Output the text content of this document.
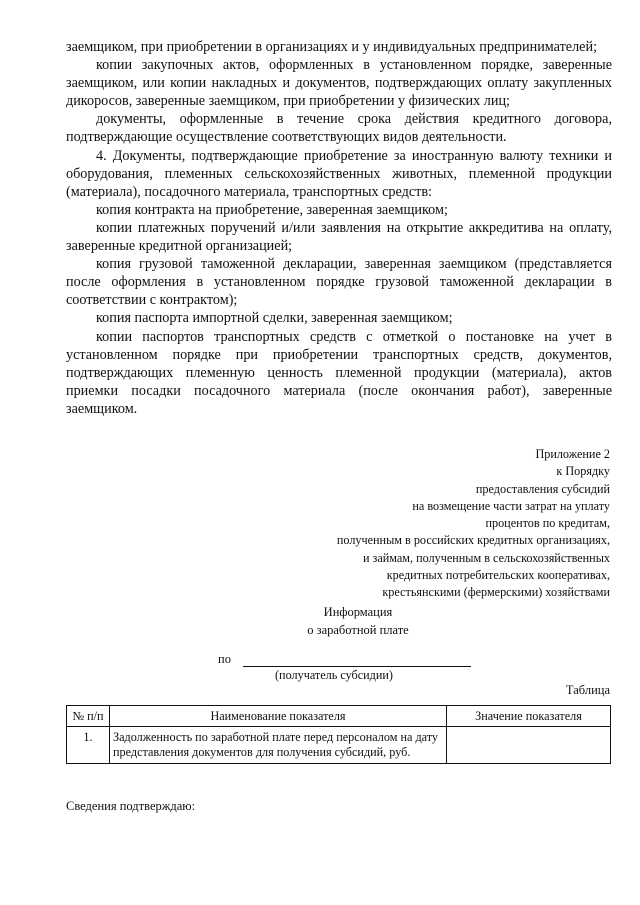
заемщиком, при приобретении в организациях и у индивидуальных предпринимателей;

копии закупочных актов, оформленных в установленном порядке, заверенные заемщиком, или копии накладных и документов, подтверждающих оплату закупленных дикоросов, заверенные заемщиком, при приобретении у физических лиц;

документы, оформленные в течение срока действия кредитного договора, подтверждающие осуществление соответствующих видов деятельности.

4. Документы, подтверждающие приобретение за иностранную валюту техники и оборудования, племенных сельскохозяйственных животных, племенной продукции (материала), посадочного материала, транспортных средств:

копия контракта на приобретение, заверенная заемщиком;

копии платежных поручений и/или заявления на открытие аккредитива на оплату, заверенные кредитной организацией;

копия грузовой таможенной декларации, заверенная заемщиком (представляется после оформления в установленном порядке грузовой таможенной декларации в соответствии с контрактом);

копия паспорта импортной сделки, заверенная заемщиком;

копии паспортов транспортных средств с отметкой о постановке на учет в установленном порядке при приобретении транспортных средств, документов, подтверждающих племенную ценность племенной продукции (материала), актов приемки посадки посадочного материала (после окончания работ), заверенные заемщиком.

Приложение 2
к Порядку
предоставления субсидий
на возмещение части затрат на уплату
процентов по кредитам,
полученным в российских кредитных организациях,
и займам, полученным в сельскохозяйственных
кредитных потребительских кооперативах,
крестьянскими (фермерскими) хозяйствами
Информация
о заработной плате
по
(получатель субсидии)
Таблица
№ п/п	Наименование показателя	Значение показателя
1.	Задолженность по заработной плате перед персоналом на дату представления документов для получения субсидий, руб.	
Сведения подтверждаю:
